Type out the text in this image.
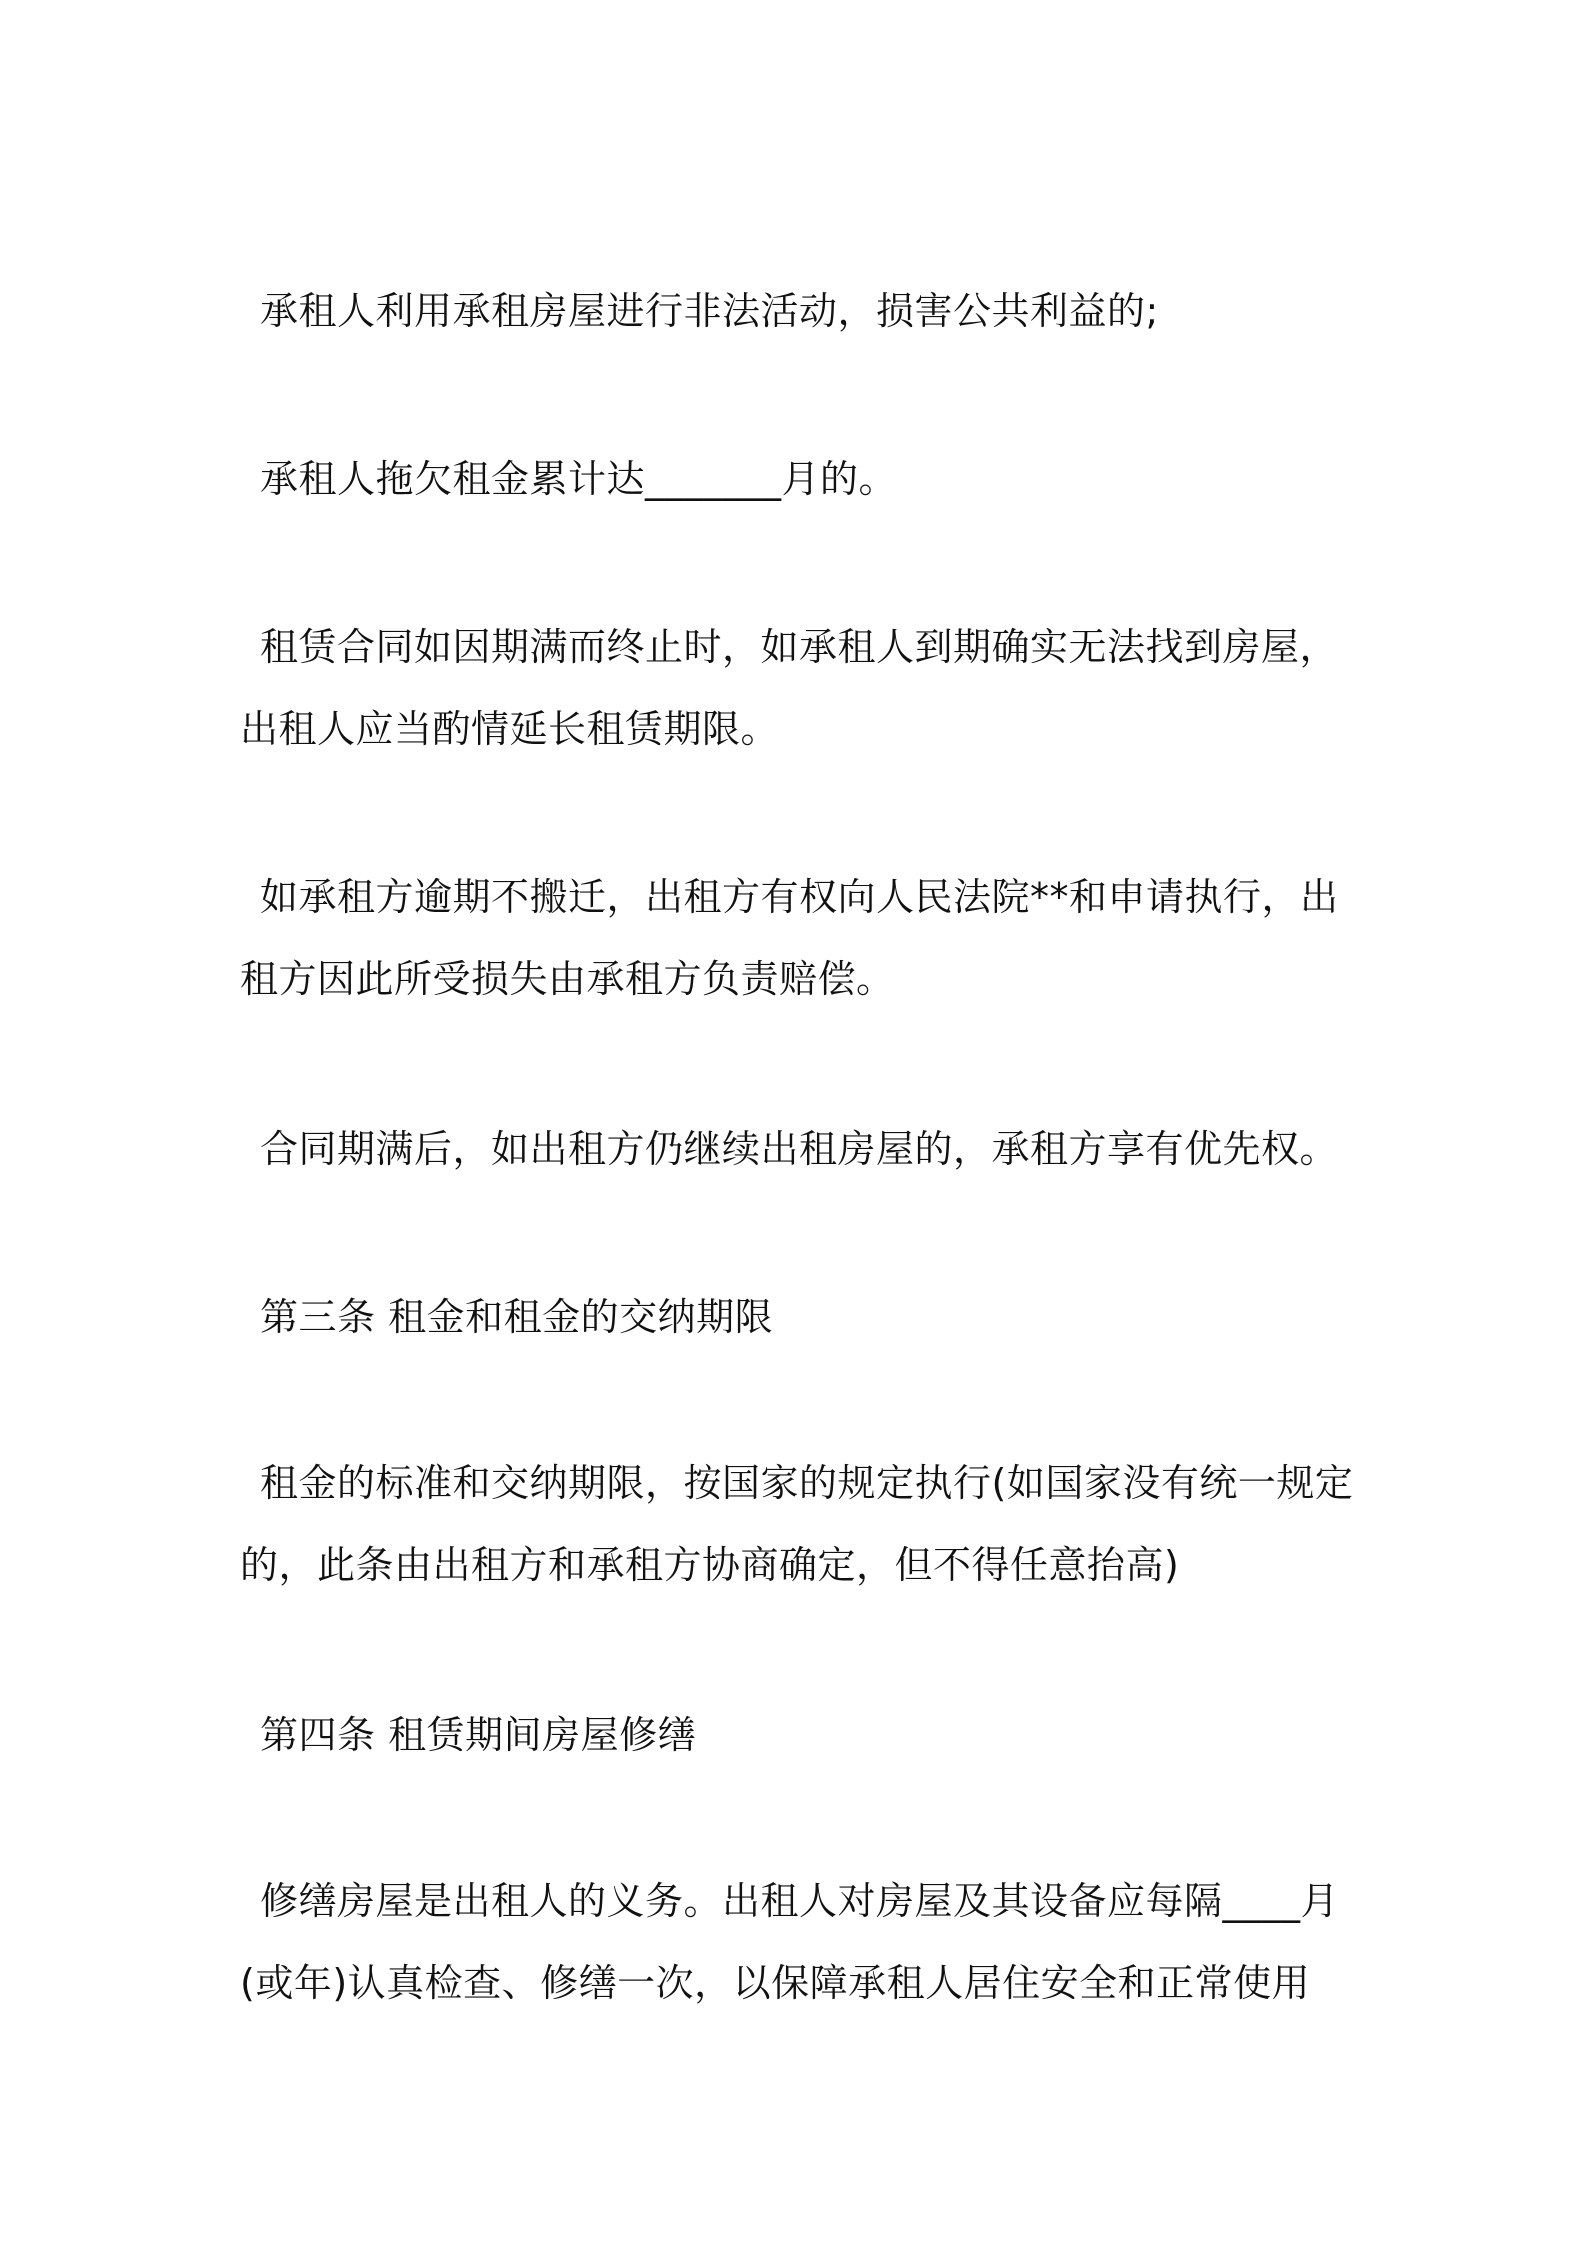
承租人利用承租房屋进行非法活动，损害公共利益的;

承租人拖欠租金累计达_______月的。

租赁合同如因期满而终止时，如承租人到期确实无法找到房屋，出租人应当酌情延长租赁期限。

如承租方逾期不搬迁，出租方有权向人民法院**和申请执行，出租方因此所受损失由承租方负责赔偿。

合同期满后，如出租方仍继续出租房屋的，承租方享有优先权。

第三条 租金和租金的交纳期限

租金的标准和交纳期限，按国家的规定执行(如国家没有统一规定的，此条由出租方和承租方协商确定，但不得任意抬高)

第四条 租赁期间房屋修缮

修缮房屋是出租人的义务。出租人对房屋及其设备应每隔____月(或年)认真检查、修缮一次，以保障承租人居住安全和正常使用
